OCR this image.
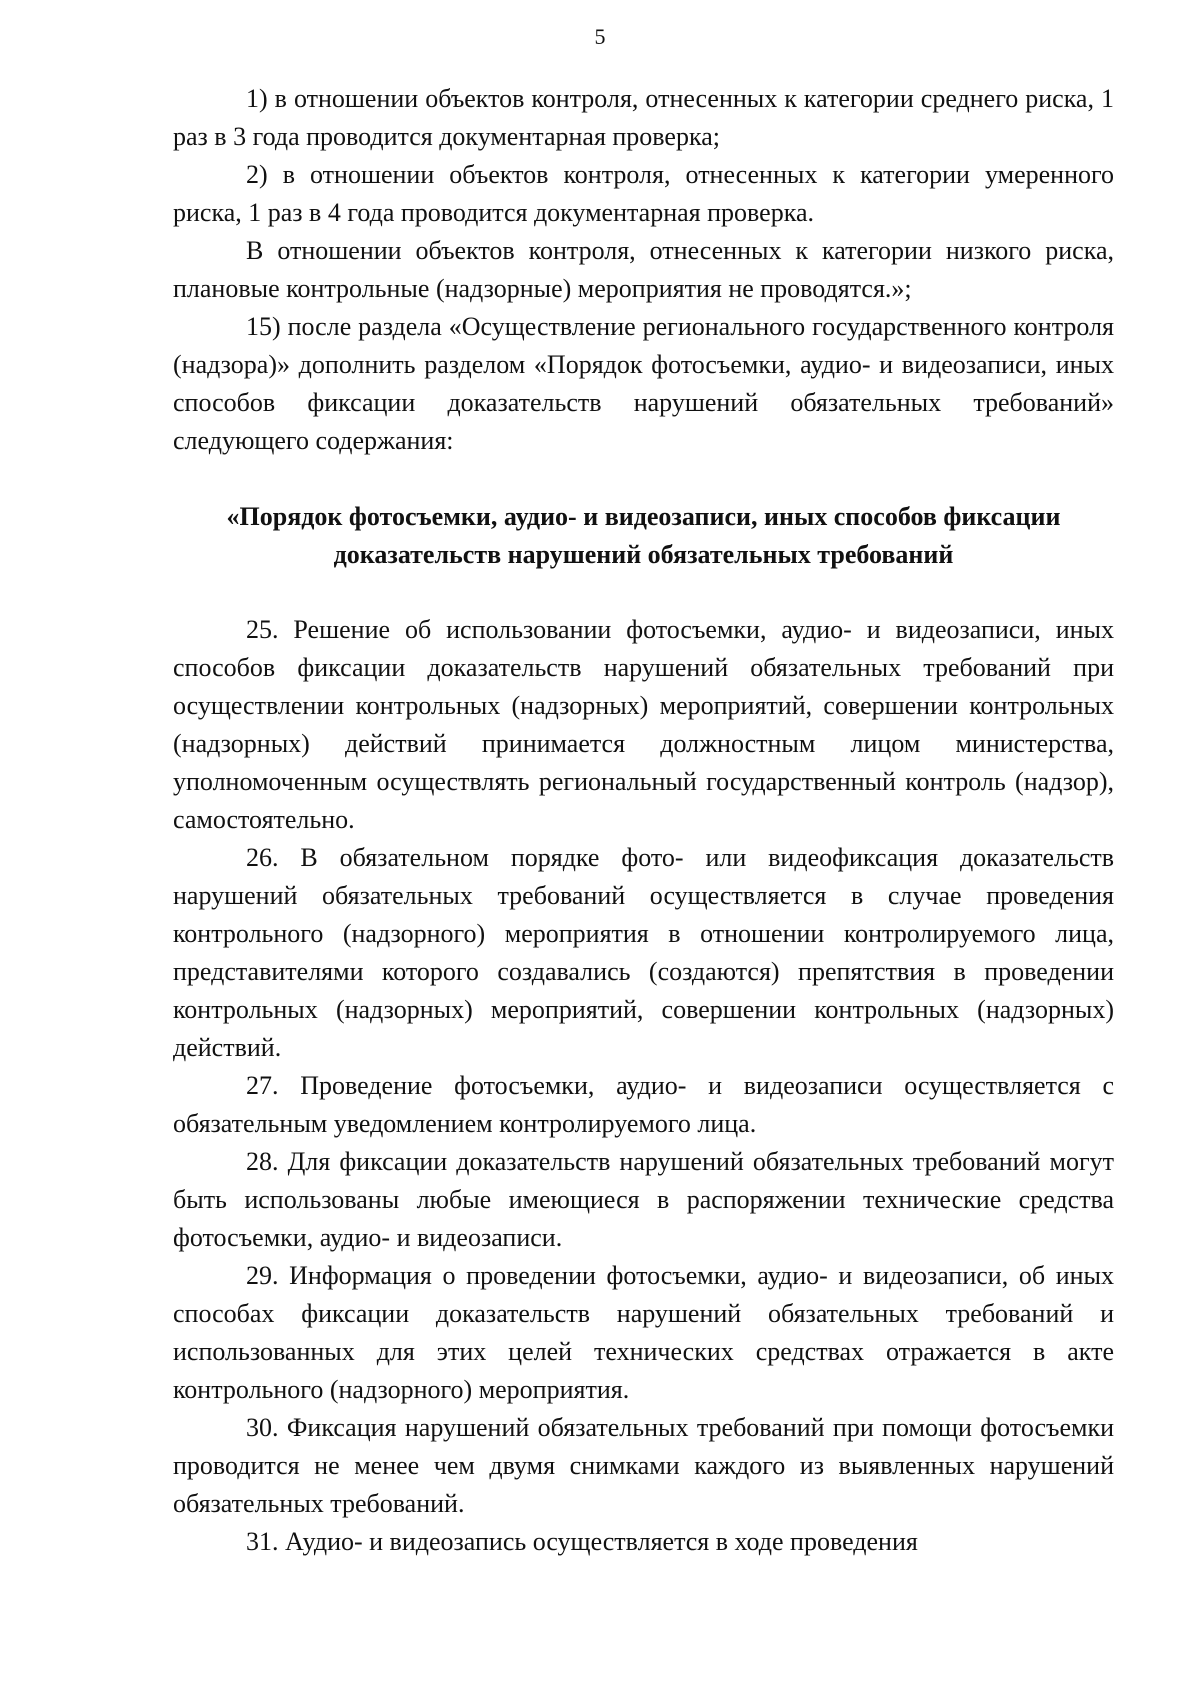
5

1) в отношении объектов контроля, отнесенных к категории среднего риска, 1 раз в 3 года проводится документарная проверка;

2) в отношении объектов контроля, отнесенных к категории умеренного риска, 1 раз в 4 года проводится документарная проверка.

В отношении объектов контроля, отнесенных к категории низкого риска, плановые контрольные (надзорные) мероприятия не проводятся.»;

15) после раздела «Осуществление регионального государственного контроля (надзора)» дополнить разделом «Порядок фотосъемки, аудио- и видеозаписи, иных способов фиксации доказательств нарушений обязательных требований» следующего содержания:

«Порядок фотосъемки, аудио- и видеозаписи, иных способов фиксации

доказательств нарушений обязательных требований

25. Решение об использовании фотосъемки, аудио- и видеозаписи, иных способов фиксации доказательств нарушений обязательных требований при осуществлении контрольных (надзорных) мероприятий, совершении контрольных (надзорных) действий принимается должностным лицом министерства, уполномоченным осуществлять региональный государственный контроль (надзор), самостоятельно.

26. В обязательном порядке фото- или видеофиксация доказательств нарушений обязательных требований осуществляется в случае проведения контрольного (надзорного) мероприятия в отношении контролируемого лица, представителями которого создавались (создаются) препятствия в проведении контрольных (надзорных) мероприятий, совершении контрольных (надзорных) действий.

27. Проведение фотосъемки, аудио- и видеозаписи осуществляется с обязательным уведомлением контролируемого лица.

28. Для фиксации доказательств нарушений обязательных требований могут быть использованы любые имеющиеся в распоряжении технические средства фотосъемки, аудио- и видеозаписи.

29. Информация о проведении фотосъемки, аудио- и видеозаписи, об иных способах фиксации доказательств нарушений обязательных требований и использованных для этих целей технических средствах отражается в акте контрольного (надзорного) мероприятия.

30. Фиксация нарушений обязательных требований при помощи фотосъемки проводится не менее чем двумя снимками каждого из выявленных нарушений обязательных требований.

31. Аудио- и видеозапись осуществляется в ходе проведения
